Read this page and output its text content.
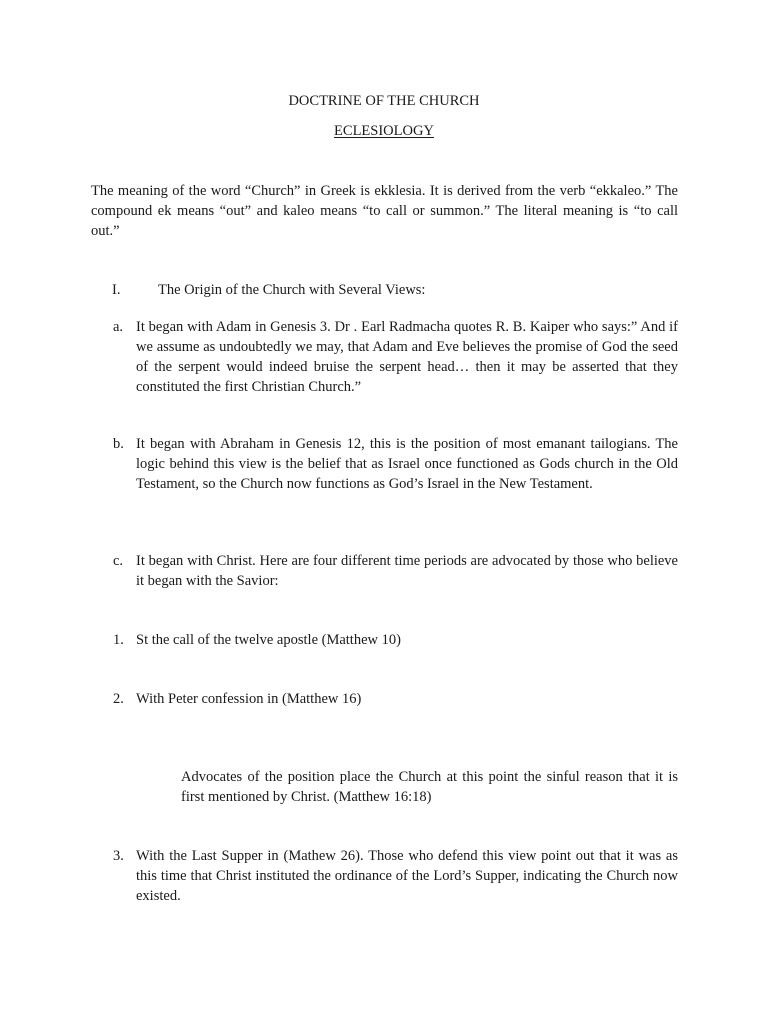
DOCTRINE OF THE CHURCH

ECLESIOLOGY

The meaning of the word “Church” in Greek is ekklesia. It is derived from the verb “ekkaleo.” The compound ek means “out” and kaleo means “to call or summon.” The literal meaning is “to call out.”

I.	The Origin of the Church with Several Views:

a. It began with Adam in Genesis 3. Dr . Earl Radmacha quotes R. B. Kaiper who says:” And if we assume as undoubtedly we may, that Adam and Eve believes the promise of God the seed of the serpent would indeed bruise the serpent head… then it may be asserted that they constituted the first Christian Church.”

b. It began with Abraham in Genesis 12, this is the position of most emanant tailogians. The logic behind this view is the belief that as Israel once functioned as Gods church in the Old Testament, so the Church now functions as God’s Israel in the New Testament.

c. It began with Christ. Here are four different time periods are advocated by those who believe it began with the Savior:

1. St the call of the twelve apostle (Matthew 10)

2. With Peter confession in (Matthew 16)

Advocates of the position place the Church at this point the sinful reason that it is first mentioned by Christ. (Matthew 16:18)

3. With the Last Supper in (Mathew 26). Those who defend this view point out that it was as this time that Christ instituted the ordinance of the Lord’s Supper, indicating the Church now existed.
